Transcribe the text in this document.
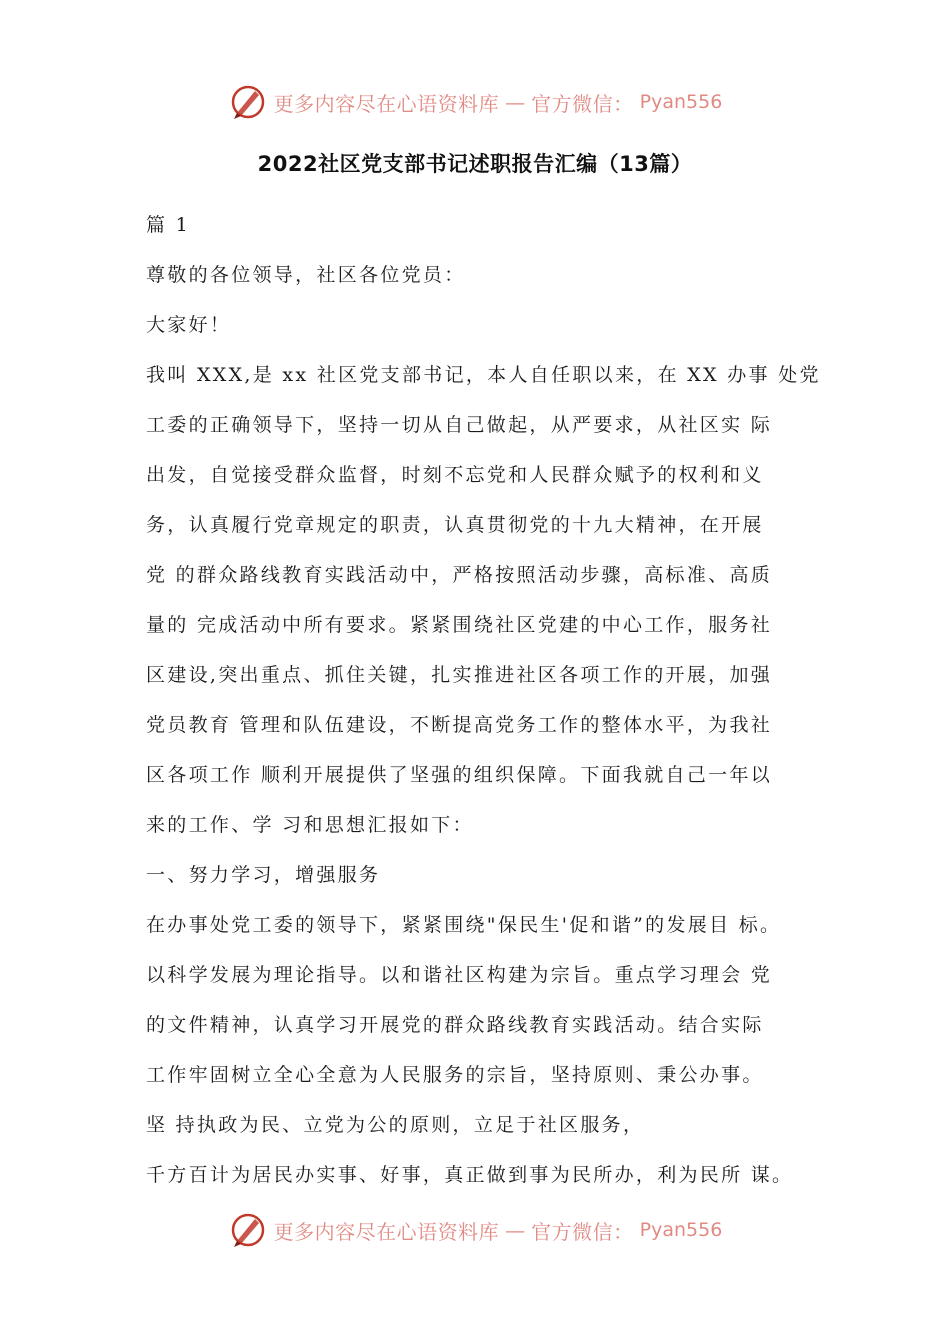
更多内容尽在心语资料库 — 官方微信： Pyan556
2022社区党支部书记述职报告汇编（13篇）
篇 1
尊敬的各位领导，社区各位党员：
大家好！
我叫 XXX,是 xx 社区党支部书记，本人自任职以来，在 XX 办事 处党
工委的正确领导下，坚持一切从自己做起，从严要求，从社区实 际
出发，自觉接受群众监督，时刻不忘党和人民群众赋予的权利和义
务，认真履行党章规定的职责，认真贯彻党的十九大精神，在开展
党 的群众路线教育实践活动中，严格按照活动步骤，高标准、高质
量的 完成活动中所有要求。紧紧围绕社区党建的中心工作，服务社
区建设,突出重点、抓住关键，扎实推进社区各项工作的开展，加强
党员教育 管理和队伍建设，不断提高党务工作的整体水平，为我社
区各项工作 顺利开展提供了坚强的组织保障。下面我就自己一年以
来的工作、学 习和思想汇报如下：
一、努力学习，增强服务
在办事处党工委的领导下，紧紧围绕"保民生'促和谐”的发展目 标。
以科学发展为理论指导。以和谐社区构建为宗旨。重点学习理会 党
的文件精神，认真学习开展党的群众路线教育实践活动。结合实际
工作牢固树立全心全意为人民服务的宗旨，坚持原则、秉公办事。
坚 持执政为民、立党为公的原则，立足于社区服务，
千方百计为居民办实事、好事，真正做到事为民所办，利为民所 谋。
更多内容尽在心语资料库 — 官方微信： Pyan556
